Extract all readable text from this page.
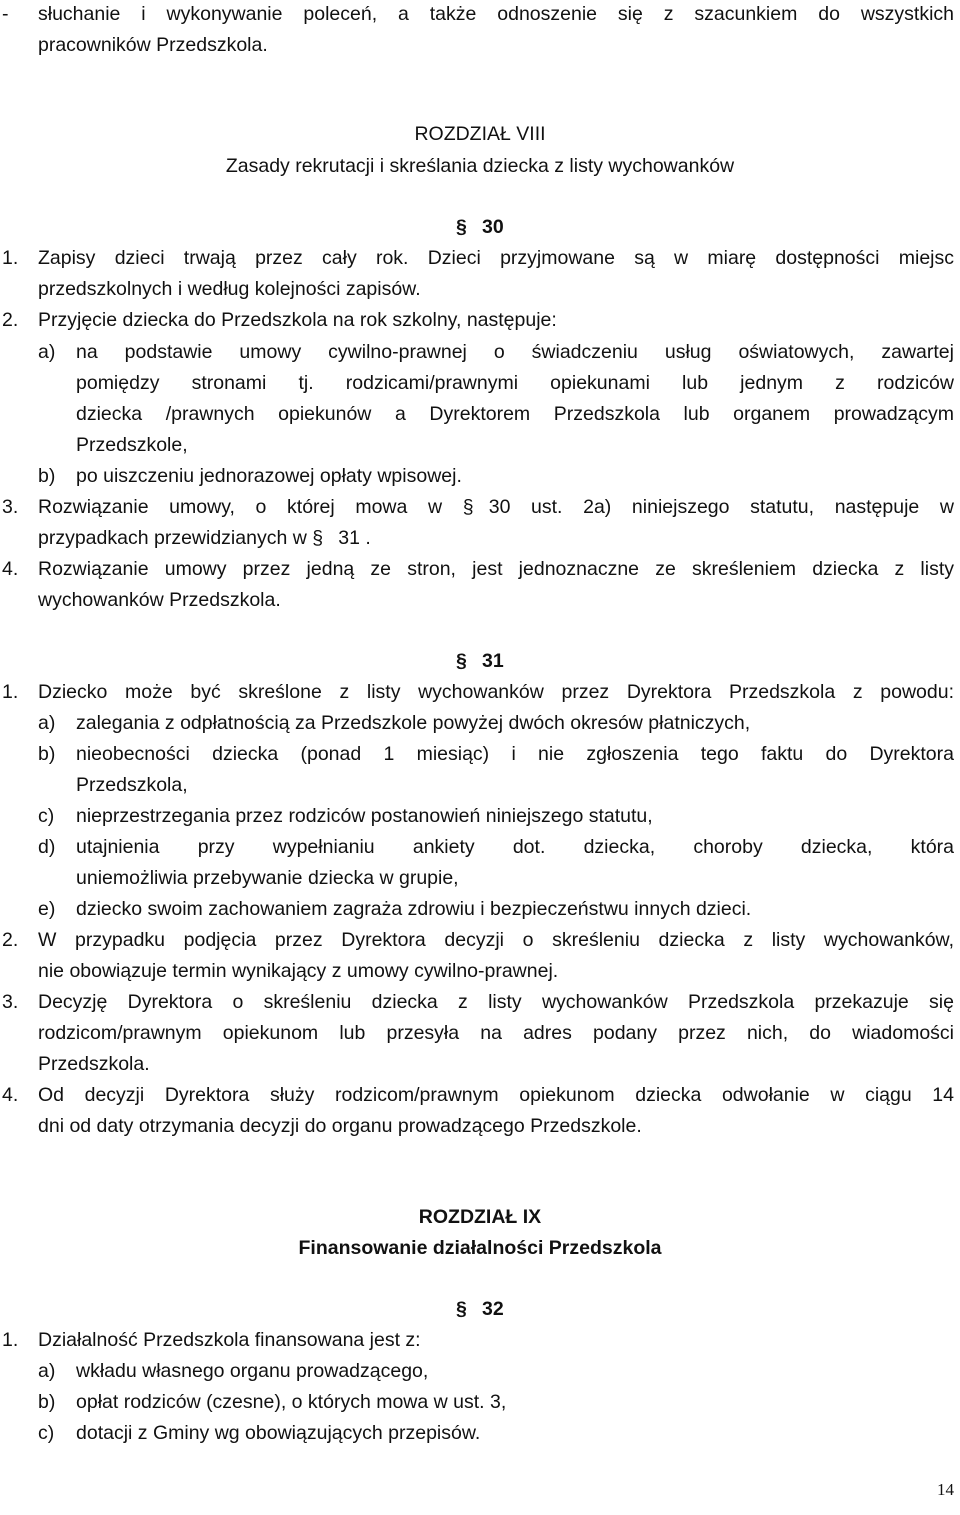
- słuchanie i wykonywanie poleceń, a także odnoszenie się z szacunkiem do wszystkich
pracowników Przedszkola.
ROZDZIAŁ VIII
Zasady rekrutacji i skreślania dziecka z listy wychowanków
§ 30
1. Zapisy dzieci trwają przez cały rok. Dzieci przyjmowane są w miarę dostępności miejsc
przedszkolnych i według kolejności zapisów.
2. Przyjęcie dziecka do Przedszkola na rok szkolny, następuje:
a) na podstawie umowy cywilno-prawnej o świadczeniu usług oświatowych, zawartej
pomiędzy stronami tj. rodzicami/prawnymi opiekunami lub jednym z rodziców
dziecka /prawnych opiekunów a Dyrektorem Przedszkola lub organem prowadzącym
Przedszkole,
b) po uiszczeniu jednorazowej opłaty wpisowej.
3. Rozwiązanie umowy, o której mowa w § 30 ust. 2a) niniejszego statutu, następuje w
przypadkach przewidzianych w § 31 .
4. Rozwiązanie umowy przez jedną ze stron, jest jednoznaczne ze skreśleniem dziecka z listy
wychowanków Przedszkola.
§ 31
1. Dziecko może być skreślone z listy wychowanków przez Dyrektora Przedszkola z powodu:
a) zalegania z odpłatnością za Przedszkole powyżej dwóch okresów płatniczych,
b) nieobecności dziecka (ponad 1 miesiąc) i nie zgłoszenia tego faktu do Dyrektora
Przedszkola,
c) nieprzestrzegania przez rodziców postanowień niniejszego statutu,
d) utajnienia przy wypełnianiu ankiety dot. dziecka, choroby dziecka, która
uniemożliwia przebywanie dziecka w grupie,
e) dziecko swoim zachowaniem zagraża zdrowiu i bezpieczeństwu innych dzieci.
2. W przypadku podjęcia przez Dyrektora decyzji o skreśleniu dziecka z listy wychowanków,
nie obowiązuje termin wynikający z umowy cywilno-prawnej.
3. Decyzję Dyrektora o skreśleniu dziecka z listy wychowanków Przedszkola przekazuje się
rodzicom/prawnym opiekunom lub przesyła na adres podany przez nich, do wiadomości
Przedszkola.
4. Od decyzji Dyrektora służy rodzicom/prawnym opiekunom dziecka odwołanie w ciągu 14
dni od daty otrzymania decyzji do organu prowadzącego Przedszkole.
ROZDZIAŁ IX
Finansowanie działalności Przedszkola
§ 32
1. Działalność Przedszkola finansowana jest z:
a) wkładu własnego organu prowadzącego,
b) opłat rodziców (czesne), o których mowa w ust. 3,
c) dotacji z Gminy wg obowiązujących przepisów.
14
